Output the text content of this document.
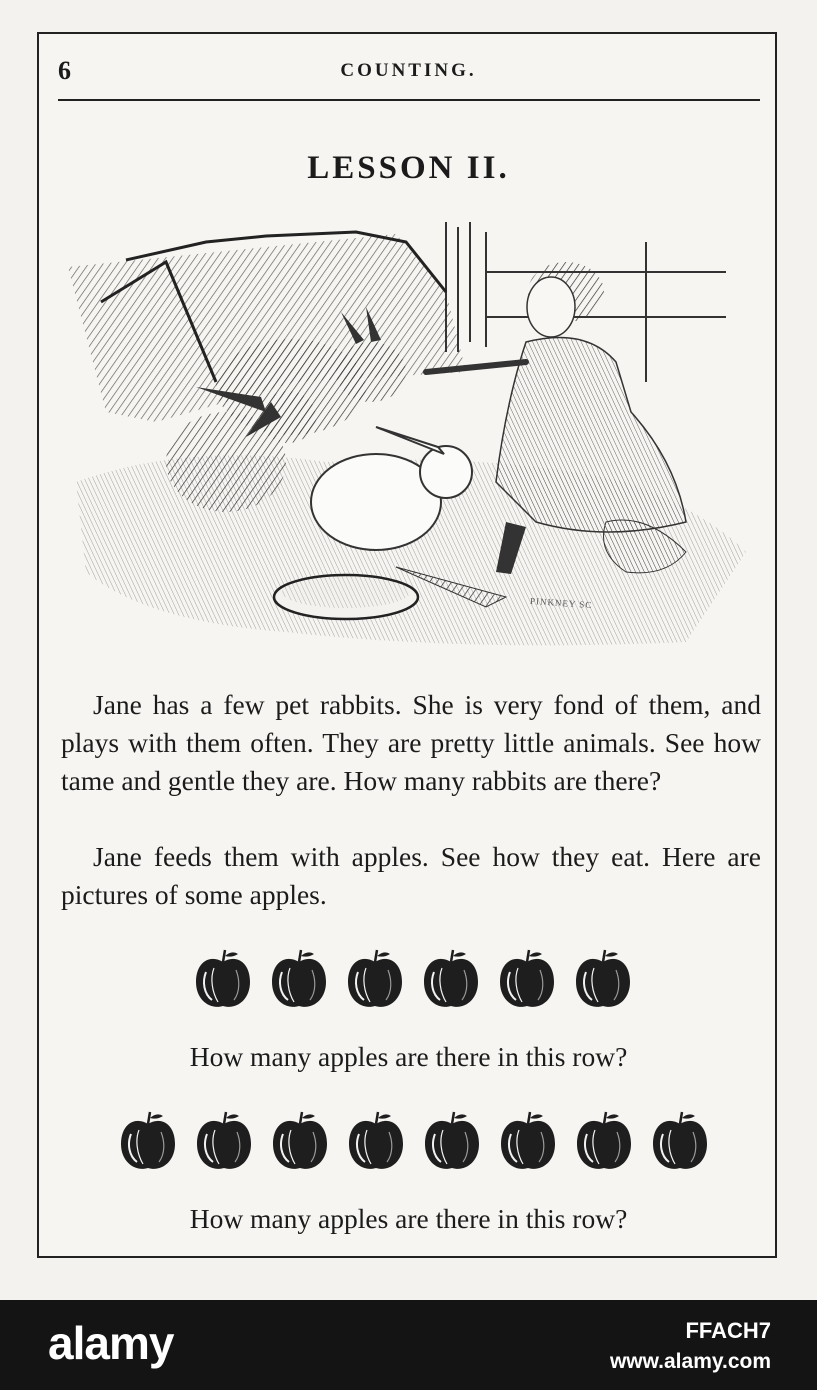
6	COUNTING.
LESSON II.
PINKNEY SC

Jane has a few pet rabbits. She is very fond of them, and plays with them often. They are pretty little animals. See how tame and gentle they are. How many rabbits are there?

Jane feeds them with apples. See how they eat. Here are pictures of some apples.

How many apples are there in this row?
How many apples are there in this row?
alamy	FFACH7
www.alamy.com
